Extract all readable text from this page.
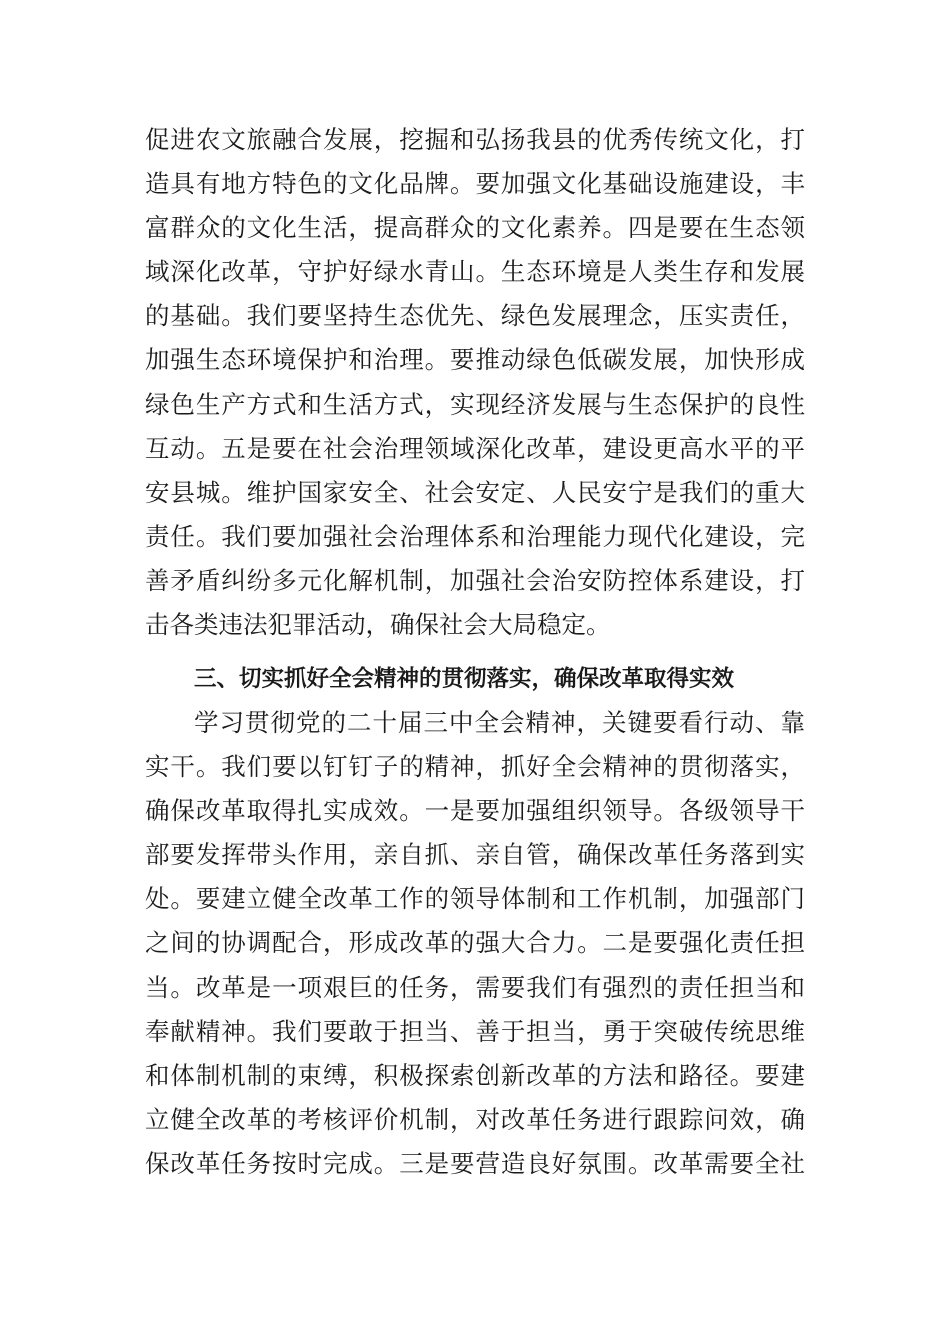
促进农文旅融合发展，挖掘和弘扬我县的优秀传统文化，打
造具有地方特色的文化品牌。要加强文化基础设施建设，丰
富群众的文化生活，提高群众的文化素养。四是要在生态领
域深化改革，守护好绿水青山。生态环境是人类生存和发展
的基础。我们要坚持生态优先、绿色发展理念，压实责任，
加强生态环境保护和治理。要推动绿色低碳发展，加快形成
绿色生产方式和生活方式，实现经济发展与生态保护的良性
互动。五是要在社会治理领域深化改革，建设更高水平的平
安县城。维护国家安全、社会安定、人民安宁是我们的重大
责任。我们要加强社会治理体系和治理能力现代化建设，完
善矛盾纠纷多元化解机制，加强社会治安防控体系建设，打
击各类违法犯罪活动，确保社会大局稳定。
三、切实抓好全会精神的贯彻落实，确保改革取得实效
学习贯彻党的二十届三中全会精神，关键要看行动、靠
实干。我们要以钉钉子的精神，抓好全会精神的贯彻落实，
确保改革取得扎实成效。一是要加强组织领导。各级领导干
部要发挥带头作用，亲自抓、亲自管，确保改革任务落到实
处。要建立健全改革工作的领导体制和工作机制，加强部门
之间的协调配合，形成改革的强大合力。二是要强化责任担
当。改革是一项艰巨的任务，需要我们有强烈的责任担当和
奉献精神。我们要敢于担当、善于担当，勇于突破传统思维
和体制机制的束缚，积极探索创新改革的方法和路径。要建
立健全改革的考核评价机制，对改革任务进行跟踪问效，确
保改革任务按时完成。三是要营造良好氛围。改革需要全社
